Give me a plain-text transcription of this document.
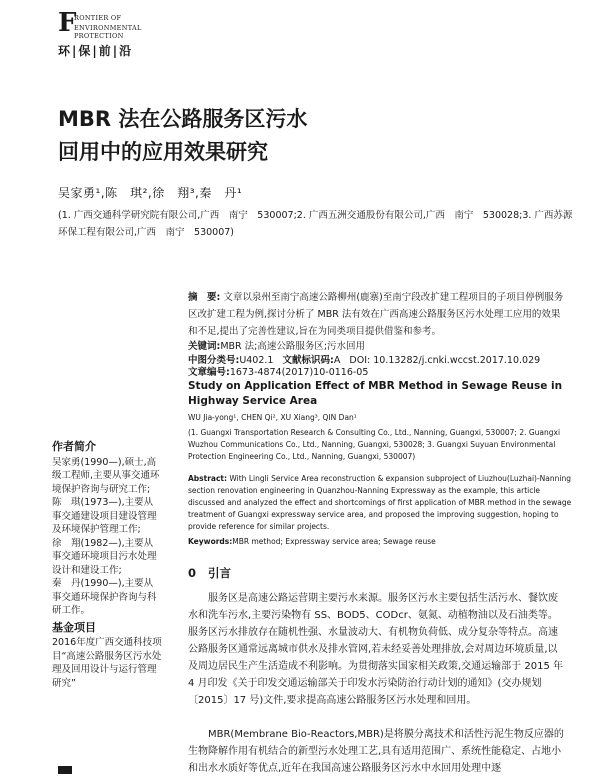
F
RONTIER OF
ENVIRONMENTAL PROTECTION
环|保|前|沿
MBR 法在公路服务区污水
回用中的应用效果研究
吴家勇¹,陈　琪²,徐　翔³,秦　丹¹
(1. 广西交通科学研究院有限公司,广西　南宁　530007;2. 广西五洲交通股份有限公司,广西　南宁　530028;3. 广西苏源环保工程有限公司,广西　南宁　530007)
摘　要: 文章以泉州至南宁高速公路柳州(鹿寨)至南宁段改扩建工程项目的子项目停例服务区改扩建工程为例,探讨分析了 MBR 法有效在广西高速公路服务区污水处理工应用的效果和不足,提出了完善性建议,旨在为同类项目提供借鉴和参考。
关键词:MBR 法;高速公路服务区;污水回用
中图分类号:U402.1 文献标识码:A DOI: 10.13282/j.cnki.wccst.2017.10.029
文章编号:1673-4874(2017)10-0116-05
Study on Application Effect of MBR Method in Sewage Reuse in Highway Service Area
WU Jia-yong¹, CHEN Qi², XU Xiang³, QIN Dan¹
(1. Guangxi Transportation Research & Consulting Co., Ltd., Nanning, Guangxi, 530007; 2. Guangxi Wuzhou Communications Co., Ltd., Nanning, Guangxi, 530028; 3. Guangxi Suyuan Environmental Protection Engineering Co., Ltd., Nanning, Guangxi, 530007)
Abstract: With Lingli Service Area reconstruction & expansion subproject of Liuzhou(Luzhai)-Nanning section renovation engineering in Quanzhou-Nanning Expressway as the example, this article discussed and analyzed the effect and shortcomings of first application of MBR method in the sewage treatment of Guangxi expressway service area, and proposed the improving suggestion, hoping to provide reference for similar projects.
Keywords:MBR method; Expressway service area; Sewage reuse
作者简介

吴家勇(1990—),硕士,高级工程师,主要从事交通环境保护咨询与研究工作;

陈　琪(1973—),主要从事交通建设项目建设管理及环境保护管理工作;

徐　翔(1982—),主要从事交通环境项目污水处理设计和建设工作;

秦　丹(1990—),主要从事交通环境保护咨询与科研工作。

基金项目

2016年度广西交通科技项目“高速公路服务区污水处理及回用设计与运行管理研究”

0 引言

服务区是高速公路运营期主要污水来源。服务区污水主要包括生活污水、餐饮废水和洗车污水,主要污染物有 SS、BOD5、CODcr、氨氮、动植物油以及石油类等。服务区污水排放存在随机性强、水量波动大、有机物负荷低、成分复杂等特点。高速公路服务区通常远离城市供水及排水管网,若未经妥善处理排放,会对周边环境质量,以及周边居民生产生活造成不利影响。为贯彻落实国家相关政策,交通运输部于 2015 年 4 月印发《关于印发交通运输部关于印发水污染防治行动计划的通知》(交办规划〔2015〕17 号)文件,要求提高高速公路服务区污水处理和回用。

MBR(Membrane Bio-Reactors,MBR)是将膜分离技术和活性污泥生物反应器的生物降解作用有机结合的新型污水处理工艺,具有适用范围广、系统性能稳定、占地小和出水水质好等优点,近年在我国高速公路服务区污水中水回用处理中逐
